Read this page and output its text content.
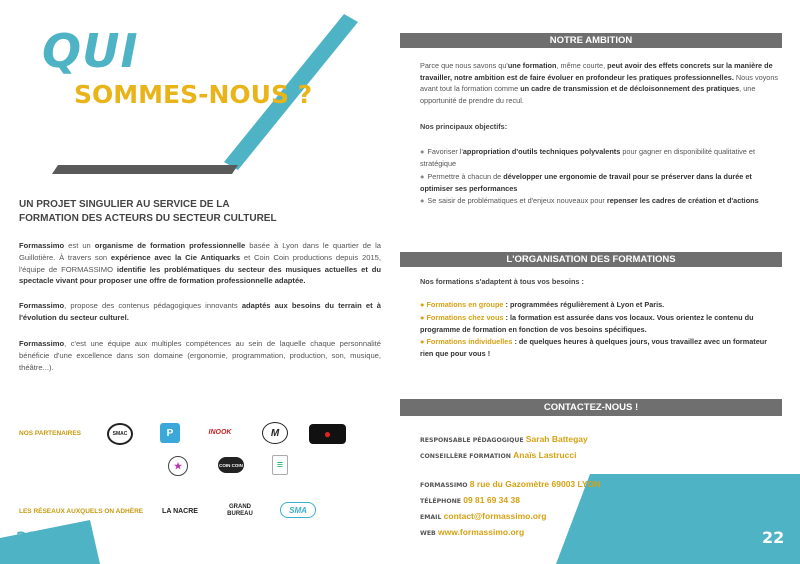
QUI
SOMMES-NOUS ?
UN PROJET SINGULIER AU SERVICE DE LA FORMATION DES ACTEURS DU SECTEUR CULTUREL
Formassimo est un organisme de formation professionnelle basée à Lyon dans le quartier de la Guillotière. À travers son expérience avec la Cie Antiquarks et Coin Coin productions depuis 2015, l'équipe de FORMASSIMO identifie les problématiques du secteur des musiques actuelles et du spectacle vivant pour proposer une offre de formation professionnelle adaptée.
Formassimo, propose des contenus pédagogiques innovants adaptés aux besoins du terrain et à l'évolution du secteur culturel.
Formassimo, c'est une équipe aux multiples compétences au sein de laquelle chaque personnalité bénéficie d'une excellence dans son domaine (ergonomie, programmation, production, son, musique, théâtre...).
NOS PARTENAIRES	SMAC	P	INOOK	M	●
★	COIN COIN	≡
LES RÉSEAUX AUXQUELS ON ADHÈRE	LA NACRE
GRAND BUREAU	SMA
21
NOTRE AMBITION
Parce que nous savons qu'une formation, même courte, peut avoir des effets concrets sur la manière de travailler, notre ambition est de faire évoluer en profondeur les pratiques professionnelles. Nous voyons avant tout la formation comme un cadre de transmission et de décloisonnement des pratiques, une opportunité de prendre du recul.
Nos principaux objectifs:
● Favoriser l'appropriation d'outils techniques polyvalents pour gagner en disponibilité qualitative et stratégique
● Permettre à chacun de développer une ergonomie de travail pour se préserver dans la durée et optimiser ses performances
● Se saisir de problématiques et d'enjeux nouveaux pour repenser les cadres de création et d'actions
L'ORGANISATION DES FORMATIONS
Nos formations s'adaptent à tous vos besoins :
● Formations en groupe : programmées régulièrement à Lyon et Paris.
● Formations chez vous : la formation est assurée dans vos locaux. Vous orientez le contenu du programme de formation en fonction de vos besoins spécifiques.
● Formations individuelles : de quelques heures à quelques jours, vous travaillez avec un formateur rien que pour vous !
CONTACTEZ-NOUS !
RESPONSABLE PÉDAGOGIQUE Sarah Battegay
CONSEILLÈRE FORMATION Anaïs Lastrucci
FORMASSIMO 8 rue du Gazomètre 69003 LYON
TÉLÉPHONE 09 81 69 34 38
EMAIL contact@formassimo.org
WEB www.formassimo.org	22
